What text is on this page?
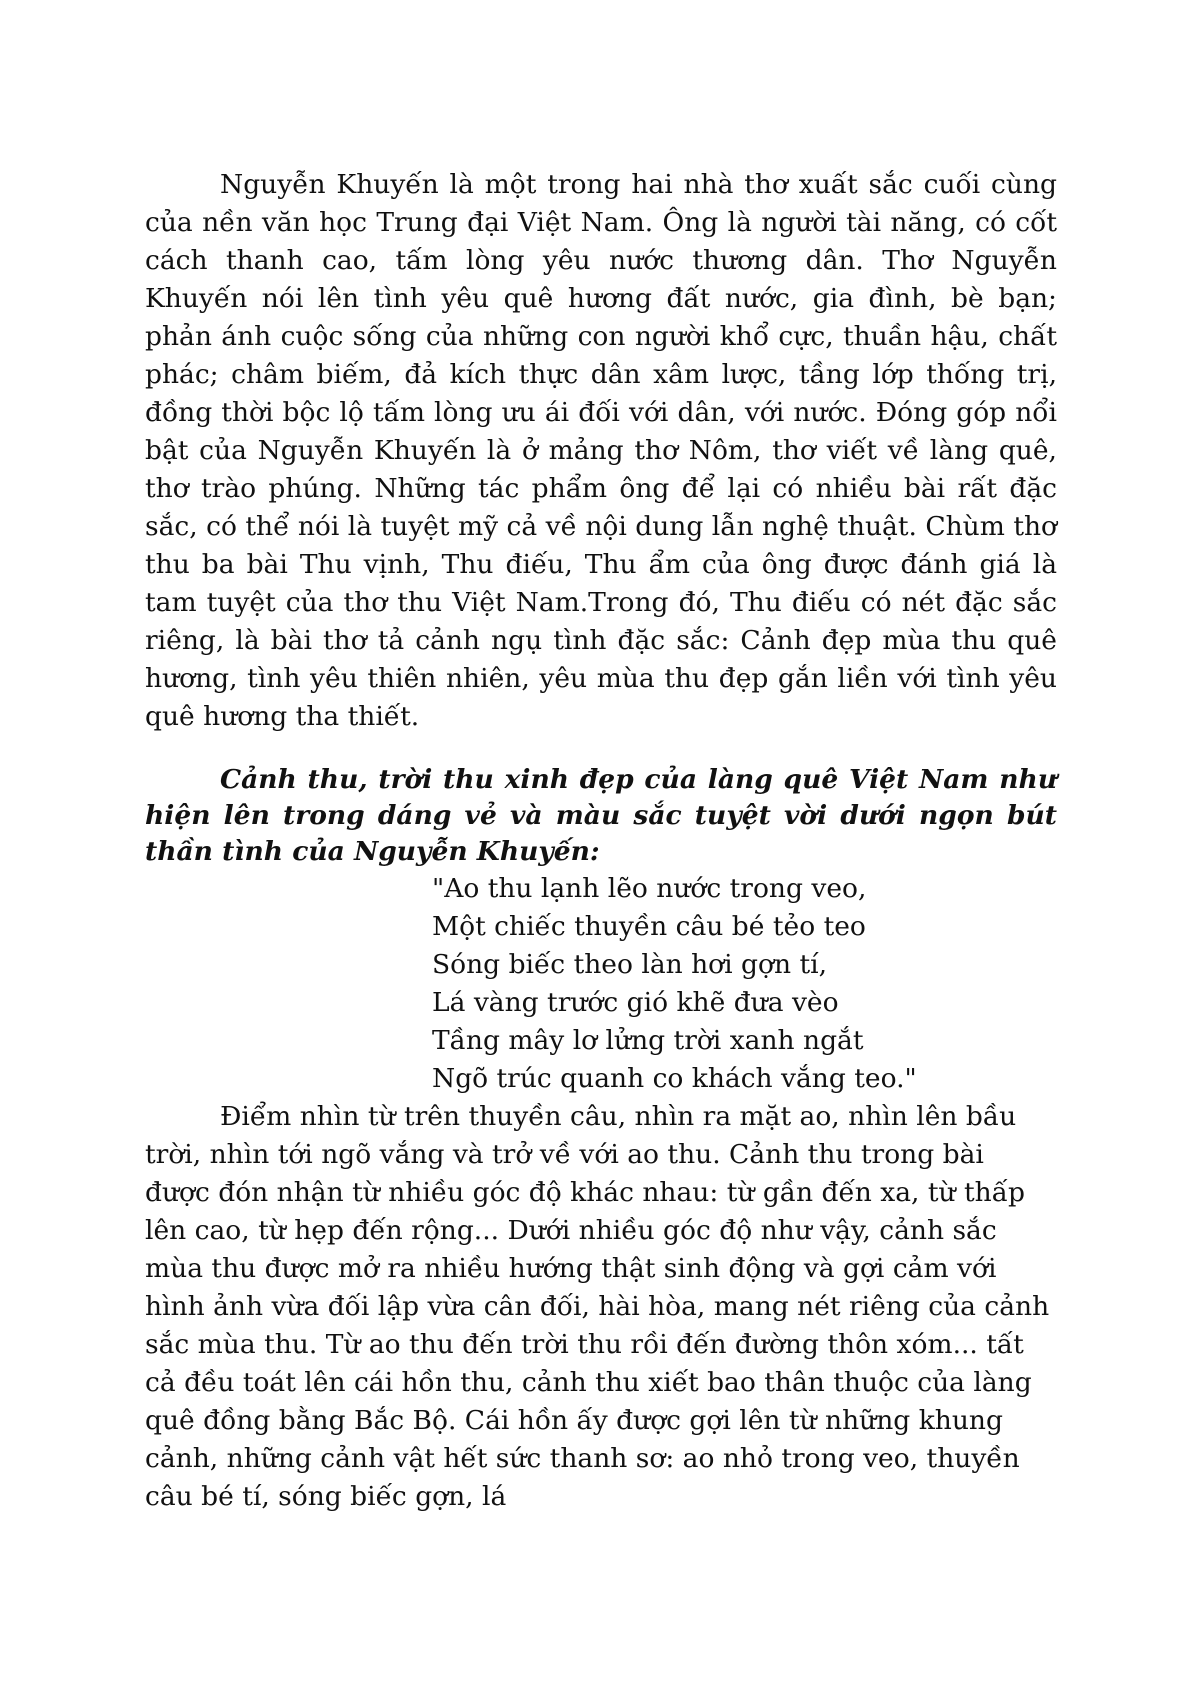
Nguyễn Khuyến là một trong hai nhà thơ xuất sắc cuối cùng của nền văn học Trung đại Việt Nam. Ông là người tài năng, có cốt cách thanh cao, tấm lòng yêu nước thương dân. Thơ Nguyễn Khuyến nói lên tình yêu quê hương đất nước, gia đình, bè bạn; phản ánh cuộc sống của những con người khổ cực, thuần hậu, chất phác; châm biếm, đả kích thực dân xâm lược, tầng lớp thống trị, đồng thời bộc lộ tấm lòng ưu ái đối với dân, với nước. Đóng góp nổi bật của Nguyễn Khuyến là ở mảng thơ Nôm, thơ viết về làng quê, thơ trào phúng. Những tác phẩm ông để lại có nhiều bài rất đặc sắc, có thể nói là tuyệt mỹ cả về nội dung lẫn nghệ thuật. Chùm thơ thu ba bài Thu vịnh, Thu điếu, Thu ẩm của ông được đánh giá là tam tuyệt của thơ thu Việt Nam.Trong đó, Thu điếu có nét đặc sắc riêng, là bài thơ tả cảnh ngụ tình đặc sắc: Cảnh đẹp mùa thu quê hương, tình yêu thiên nhiên, yêu mùa thu đẹp gắn liền với tình yêu quê hương tha thiết.

Cảnh thu, trời thu xinh đẹp của làng quê Việt Nam như hiện lên trong dáng vẻ và màu sắc tuyệt vời dưới ngọn bút thần tình của Nguyễn Khuyến:

"Ao thu lạnh lẽo nước trong veo,
Một chiếc thuyền câu bé tẻo teo
Sóng biếc theo làn hơi gợn tí,
Lá vàng trước gió khẽ đưa vèo
Tầng mây lơ lửng trời xanh ngắt
Ngõ trúc quanh co khách vắng teo."

Điểm nhìn từ trên thuyền câu, nhìn ra mặt ao, nhìn lên bầu trời, nhìn tới ngõ vắng và trở về với ao thu. Cảnh thu trong bài được đón nhận từ nhiều góc độ khác nhau: từ gần đến xa, từ thấp lên cao, từ hẹp đến rộng... Dưới nhiều góc độ như vậy, cảnh sắc mùa thu được mở ra nhiều hướng thật sinh động và gợi cảm với hình ảnh vừa đối lập vừa cân đối, hài hòa, mang nét riêng của cảnh sắc mùa thu. Từ ao thu đến trời thu rồi đến đường thôn xóm... tất cả đều toát lên cái hồn thu, cảnh thu xiết bao thân thuộc của làng quê đồng bằng Bắc Bộ. Cái hồn ấy được gợi lên từ những khung cảnh, những cảnh vật hết sức thanh sơ: ao nhỏ trong veo, thuyền câu bé tí, sóng biếc gợn, lá
